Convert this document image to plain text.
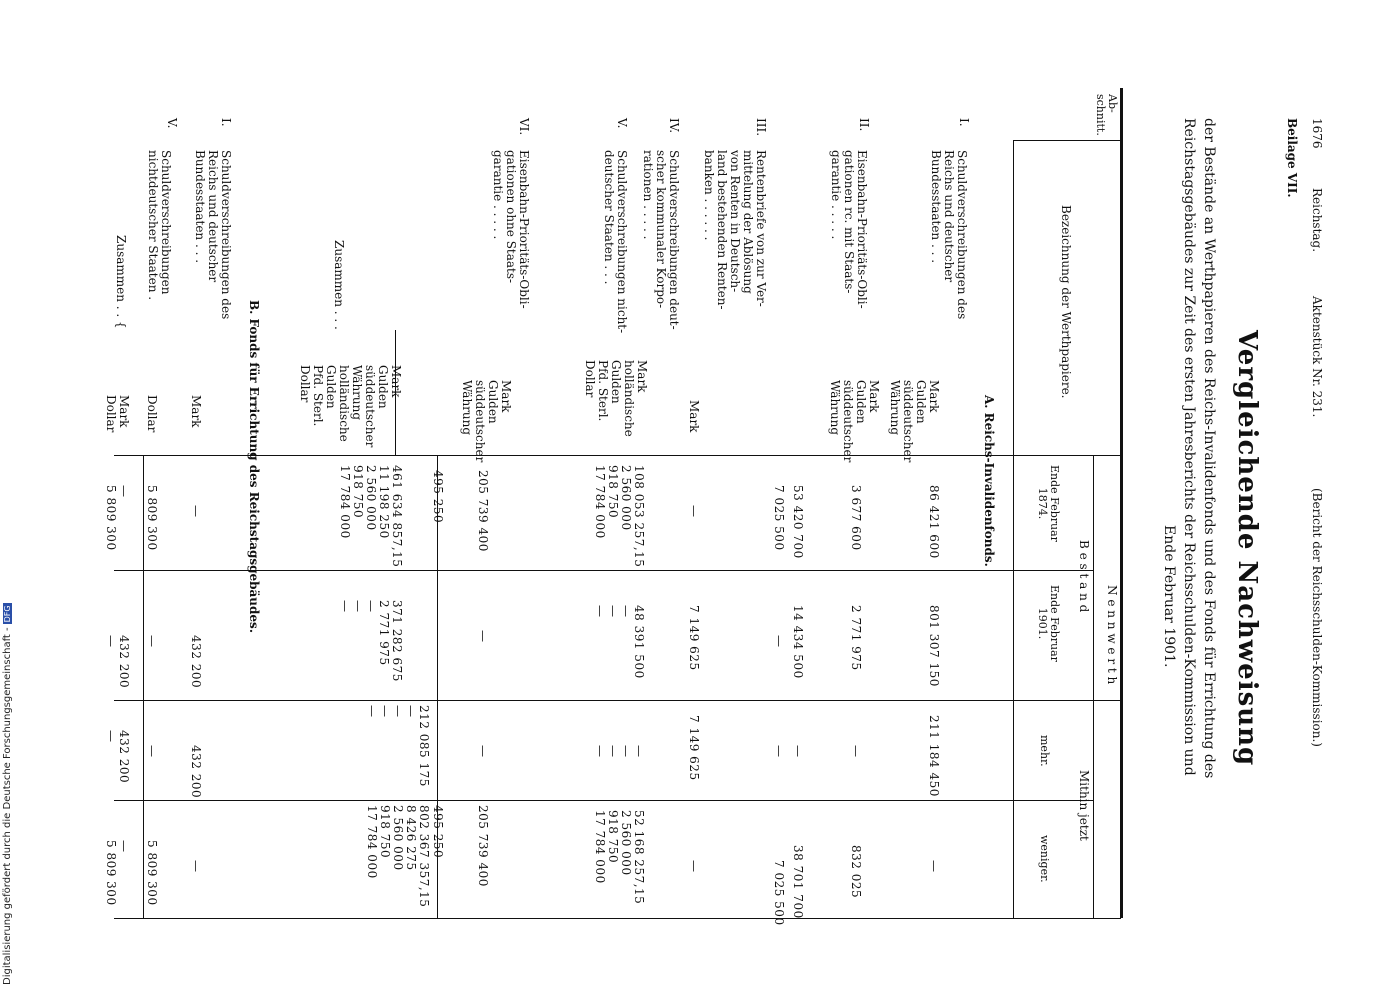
1676
Reichstag.
Aktenstück Nr. 231.
(Bericht der Reichsschulden-Kommission.)
Beilage VII.
Vergleichende Nachweisung
der Bestände an Werthpapieren des Reichs-Invalidenfonds und des Fonds für Errichtung des
Reichstagsgebäudes zur Zeit des ersten Jahresberichts der Reichsschulden-Kommission und
Ende Februar 1901.
Ab-
schnitt.
Bezeichnung der Werthpapiere.
N e n n w e r t h
B e s t a n d
Ende Februar
1874.
Ende Februar
1901.
Mithin jetzt
mehr.
weniger.
A. Reichs-Invalidenfonds.
I.
Schuldverschreibungen des
Reichs und deutscher
Bundesstaaten . . .
Mark
Gulden
süddeutscher
Währung
86 421 600
801 307 150
211 184 450
—
II.
Eisenbahn-Prioritäts-Obli-
gationen rc. mit Staats-
garantie . . . . .
Mark
Gulden
süddeutscher
Währung
3 677 600
53 420 700
2 771 975
14 434 500
—
—
832 025
38 701 700
III.
Rentenbriefe von zur Ver-
mittelung der Ablösung
von Renten in Deutsch-
land bestehenden Renten-
banken . . . . . .
7 025 500
—
—
7 025 500
IV.
Schuldverschreibungen deut-
scher kommunaler Korpo-
rationen . . . . .
Mark
—
7 149 625
7 149 625
—
V.
Schuldverschreibungen nicht-
deutscher Staaten . . .
Mark
holländische
Gulden
Pfd. Sterl.
Dollar
108 053 257,15
2 560 000
918 750
17 784 000
48 391 500
—
—
—
—
—
—
—
52 168 257,15
2 560 000
918 750
17 784 000
VI.
Eisenbahn-Prioritäts-Obli-
gationen ohne Staats-
garantie . . . . .
Mark
Gulden
süddeutscher
Währung
205 739 400
495 250
—
—
—
—
205 739 400
495 250
Zusammen . . .
Mark
Gulden
süddeutscher
Währung
holländische
Gulden
Pfd. Sterl.
Dollar
461 634 857,15
11 198 250
2 560 000
918 750
17 784 000
371 282 675
2 771 975
—
—
—
212 085 175
—
—
—
—
802 367 357,15
8 426 275
2 560 000
918 750
17 784 000
B. Fonds für Errichtung des Reichstagsgebäudes.
I.
Schuldverschreibungen des
Reichs und deutscher
Bundesstaaten . . .
Mark
—
432 200
432 200
—
V.
Schuldverschreibungen
nichtdeutscher Staaten .
Dollar
5 809 300
—
—
5 809 300
Zusammen . . {
Mark
Dollar
—
5 809 300
432 200
—
432 200
—
—
5 809 300
Digitalisierung gefördert durch die Deutsche Forschungsgemeinschaft -DFG
